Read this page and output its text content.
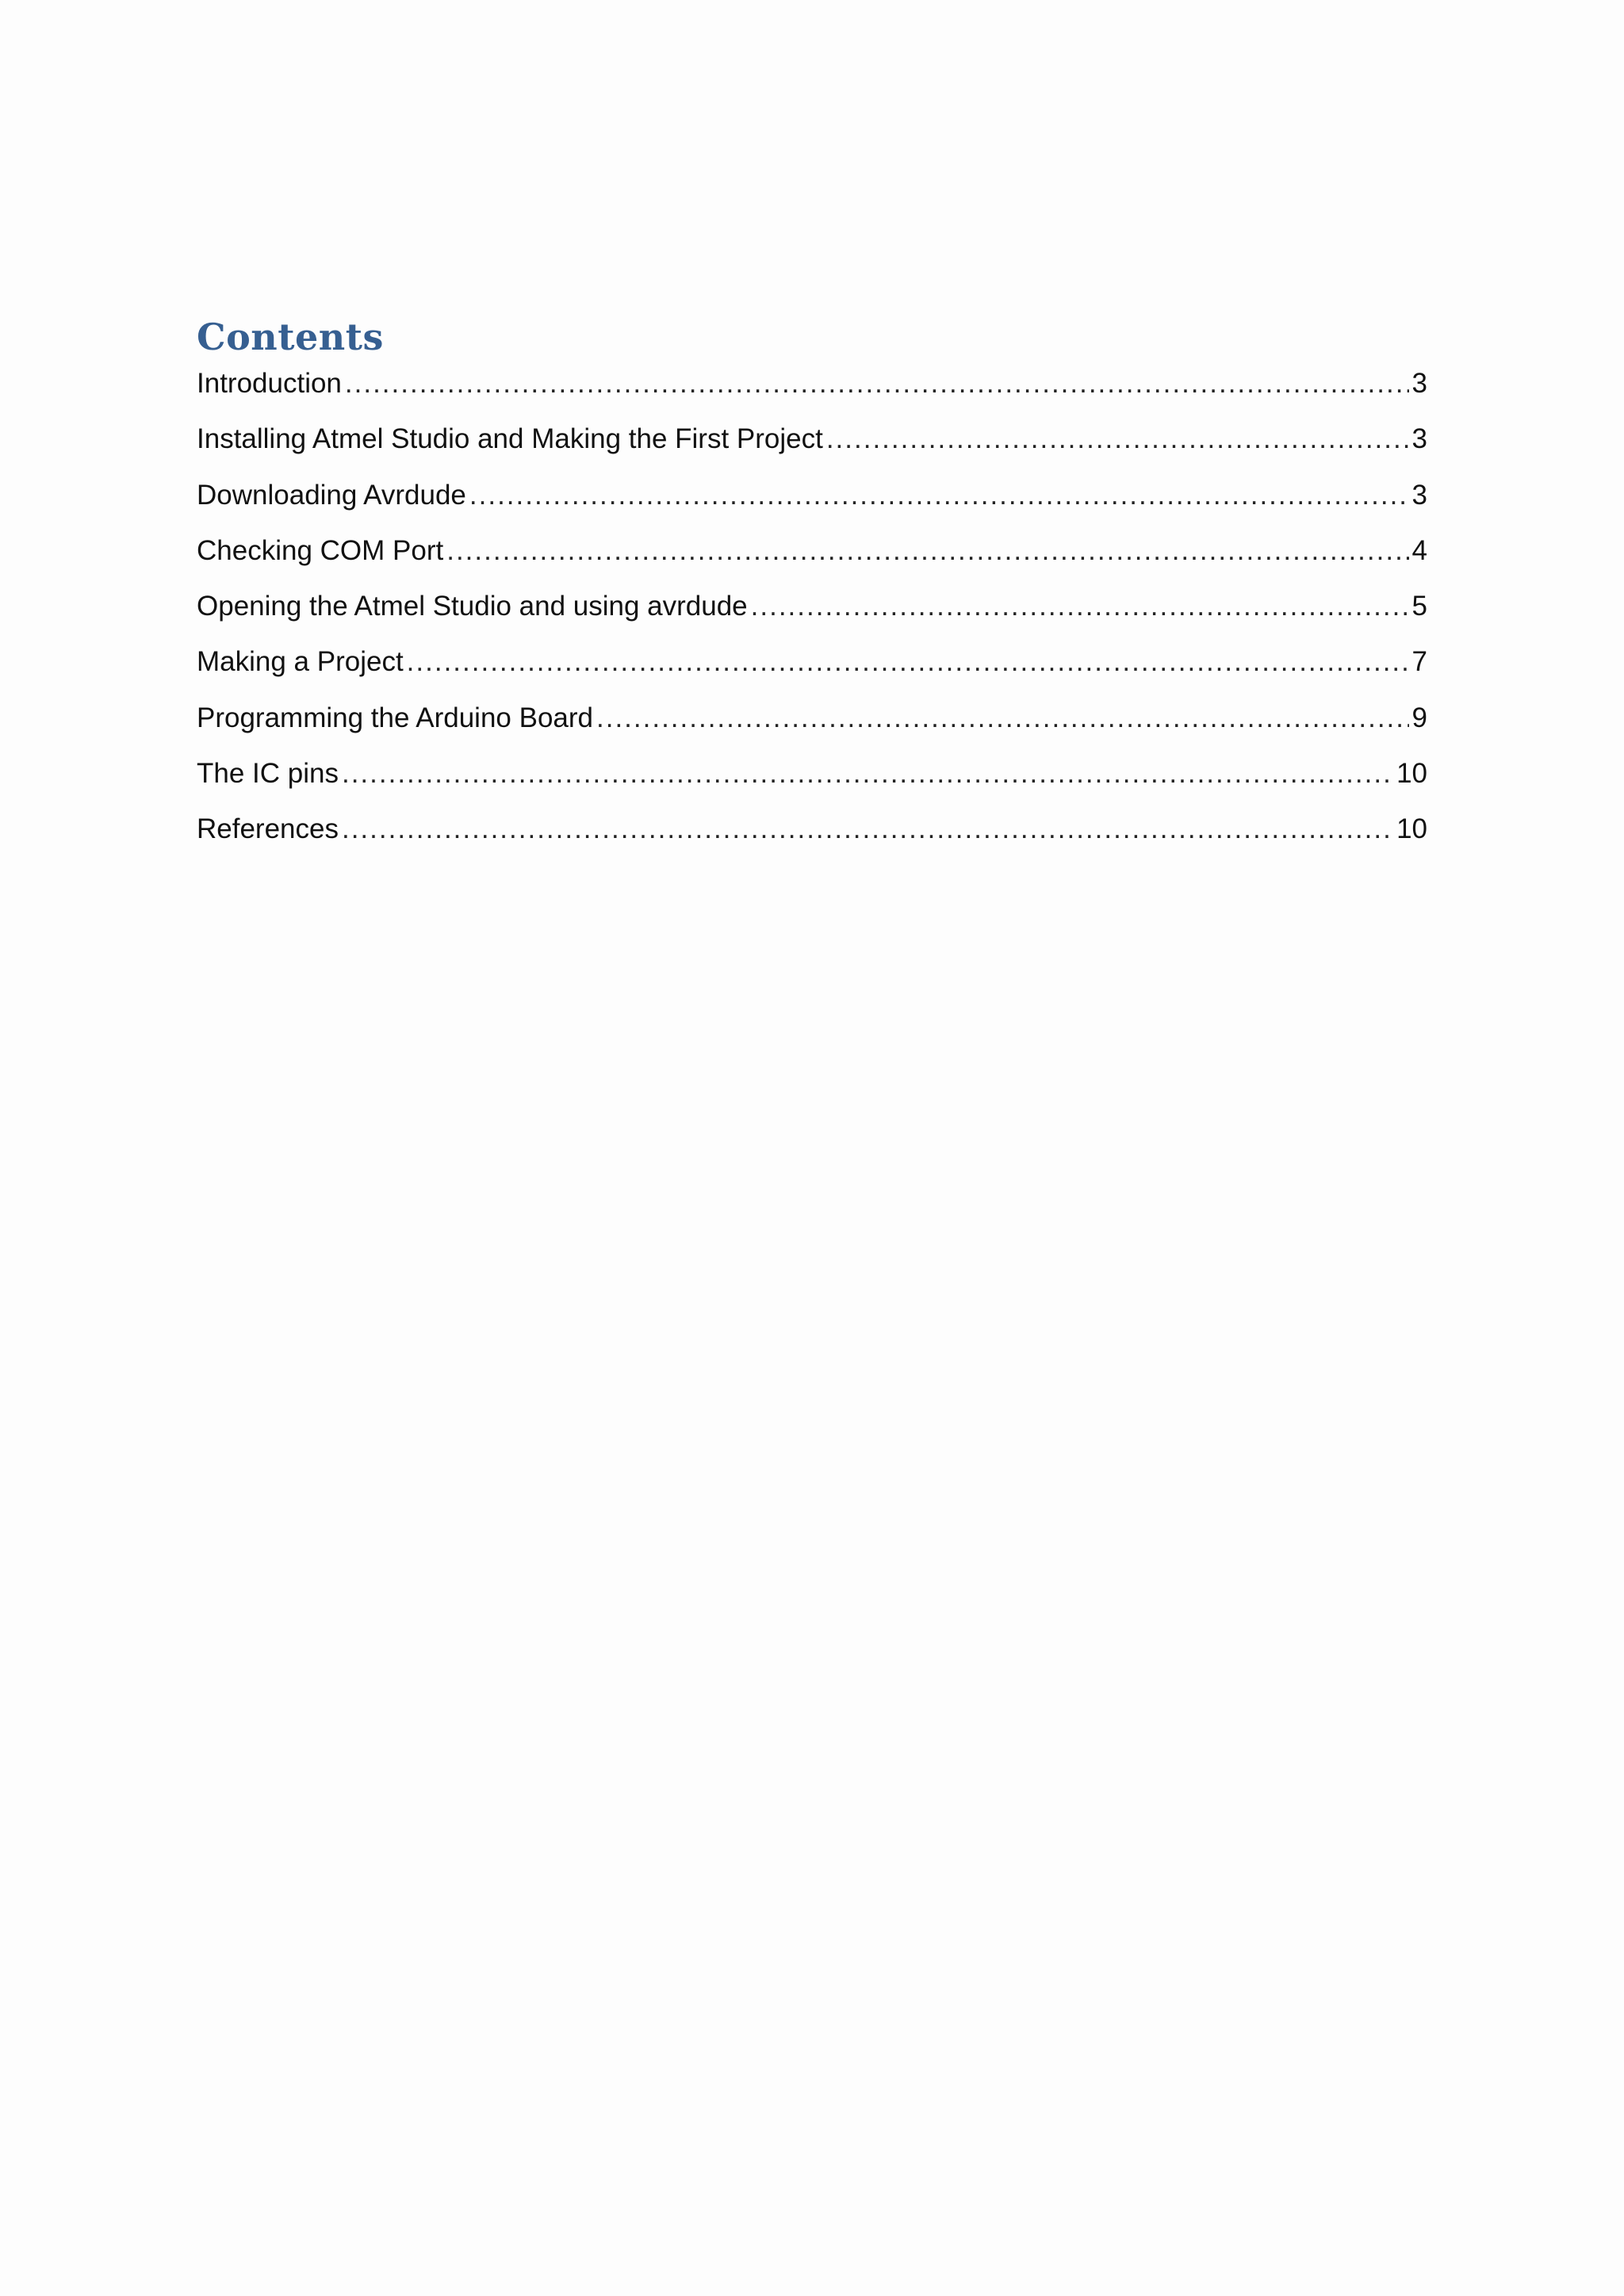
Contents
Introduction .....	3
Installing Atmel Studio and Making the First Project .....	3
Downloading Avrdude .....	3
Checking COM Port .....	4
Opening the Atmel Studio and using avrdude .....	5
Making a Project .....	7
Programming the Arduino Board .....	9
The IC pins .....	10
References .....	10
